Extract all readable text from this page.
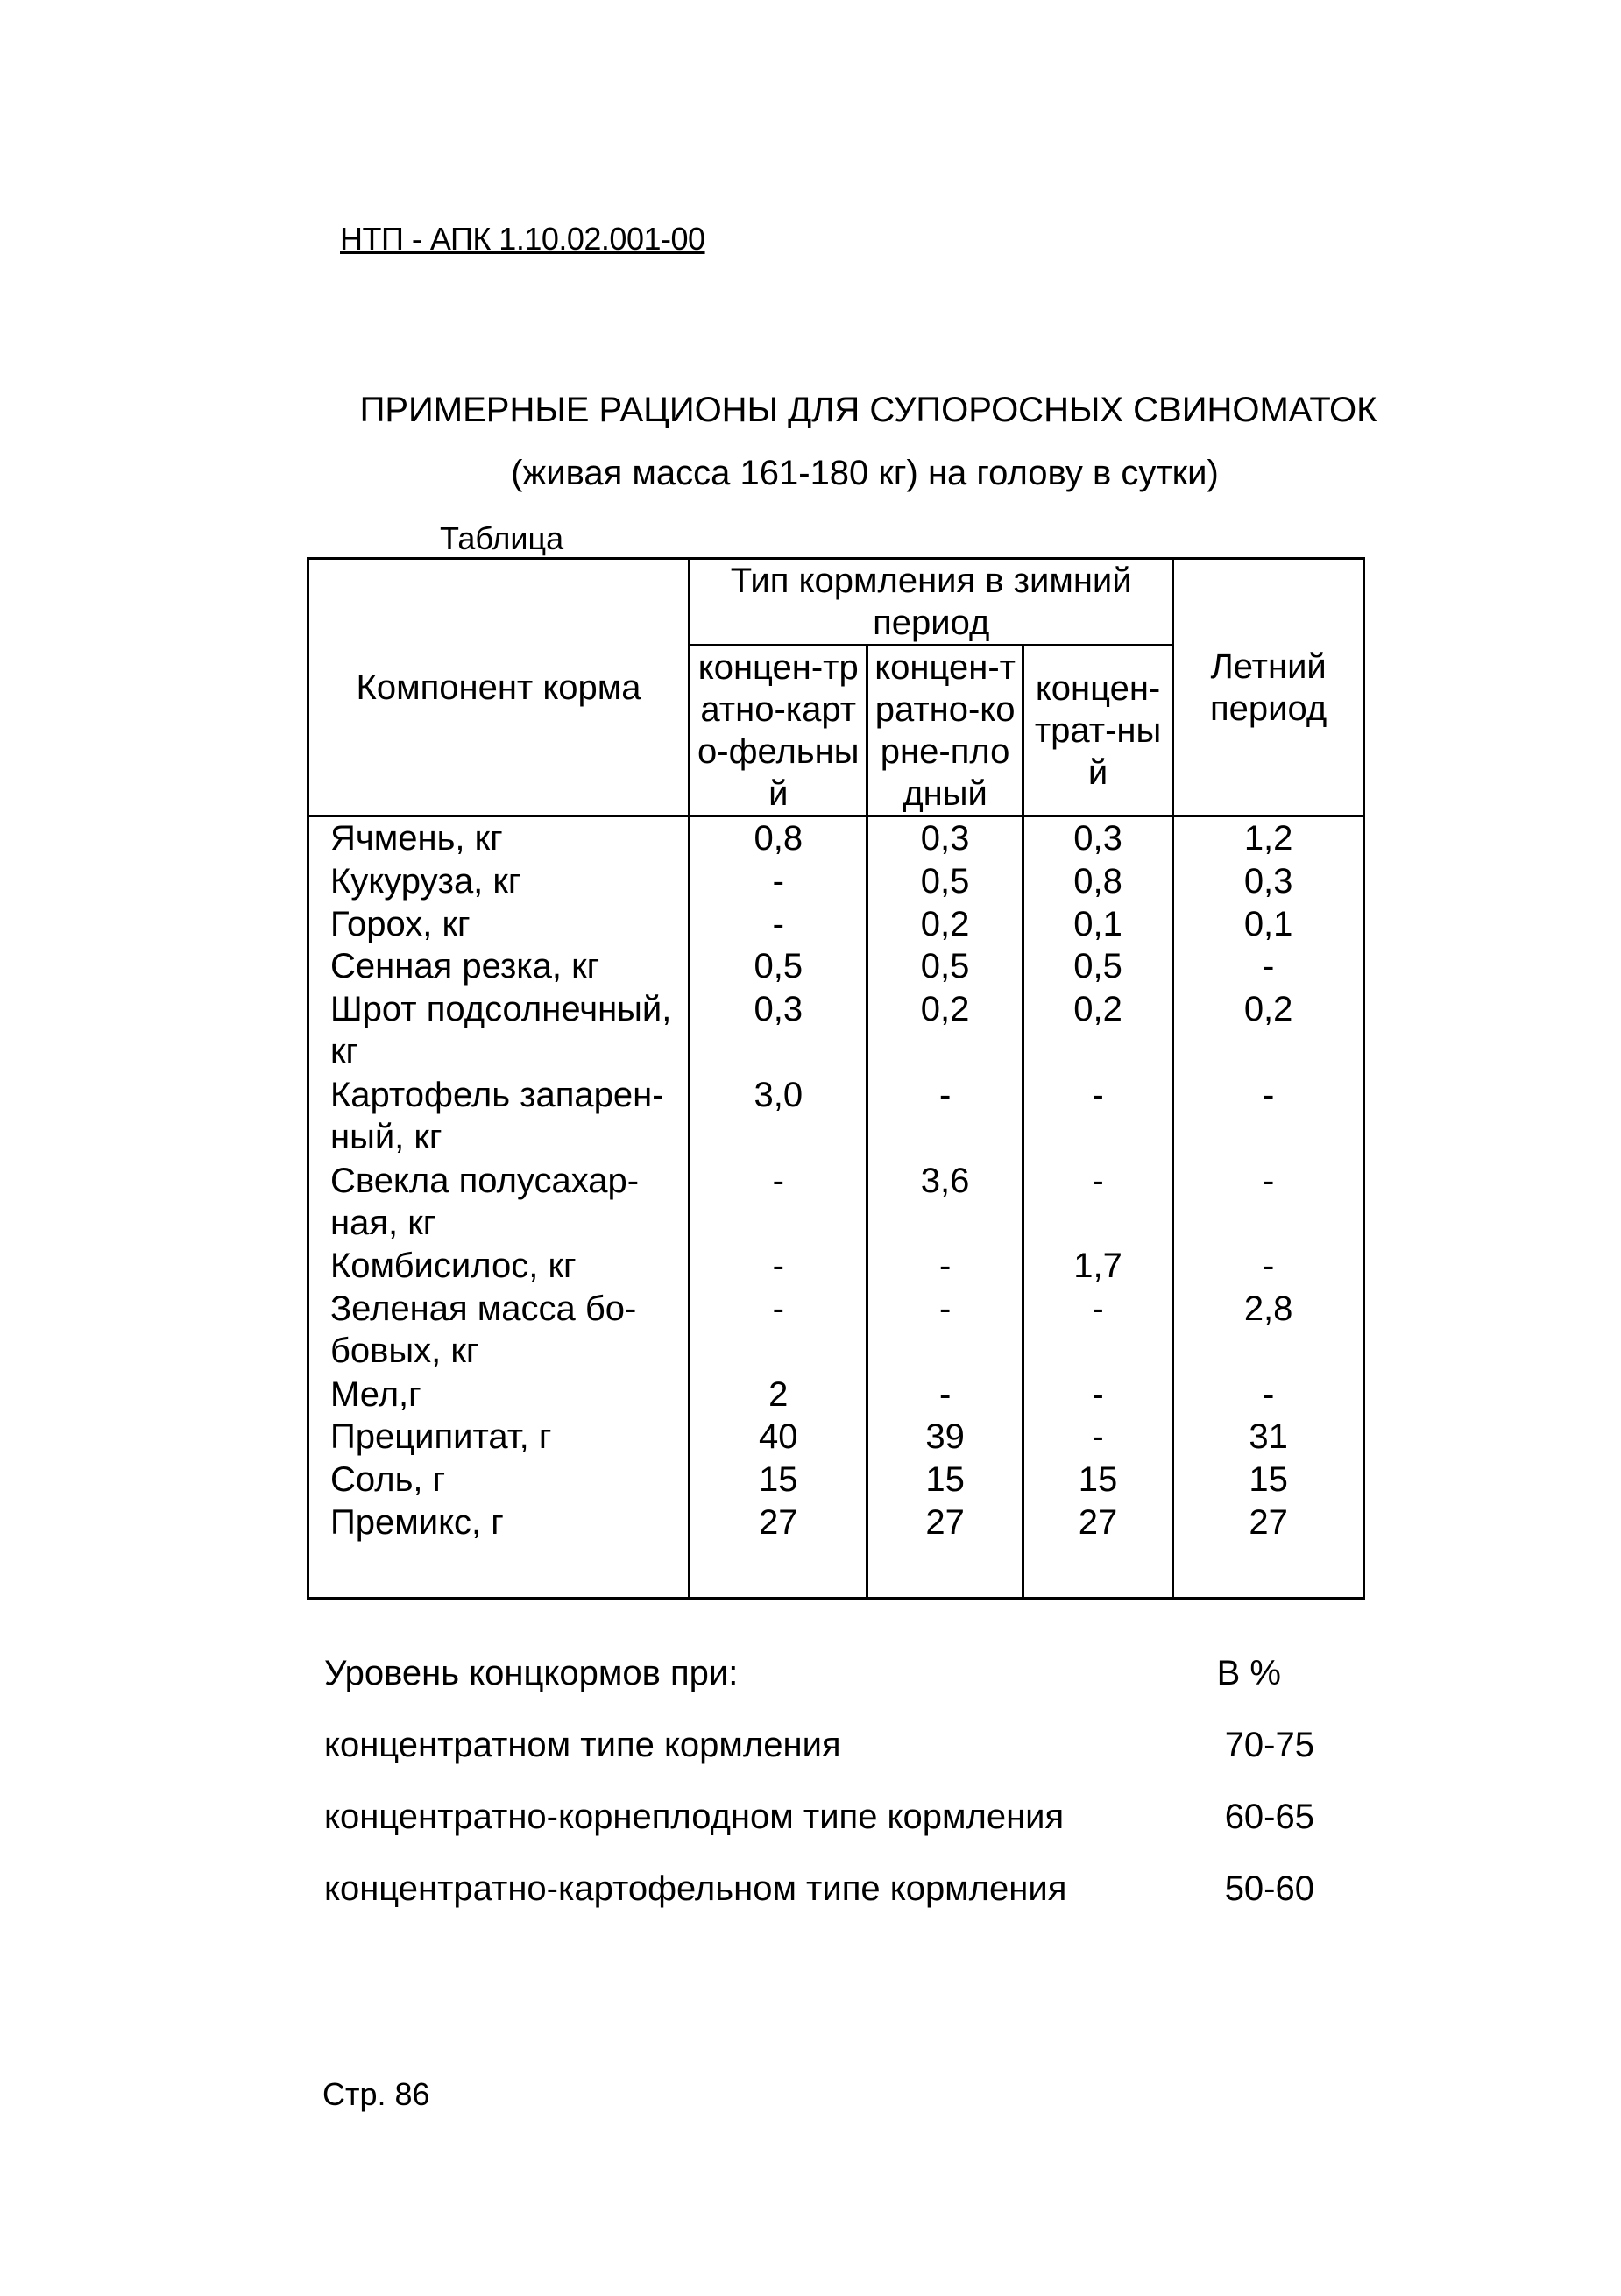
НТП - АПК 1.10.02.001-00
ПРИМЕРНЫЕ РАЦИОНЫ ДЛЯ СУПОРОСНЫХ СВИНОМАТОК
(живая масса 161-180 кг) на голову в сутки)
Таблица
Компонент корма	Тип кормления в зимний период			Летний период
	концен-тратно-карто-фельный	концен-тратно-корне-плодный	концен-трат-ный	
Ячмень, кг	0,8	0,3	0,3	1,2
Кукуруза, кг	-	0,5	0,8	0,3
Горох, кг	-	0,2	0,1	0,1
Сенная резка, кг	0,5	0,5	0,5	-
Шрот подсолнечный, кг	0,3	0,2	0,2	0,2
Картофель запарен-ный, кг	3,0	-	-	-
Свекла полусахар-ная, кг	-	3,6	-	-
Комбисилос, кг	-	-	1,7	-
Зеленая масса бо-бовых, кг	-	-	-	2,8
Мел,г	2	-	-	-
Преципитат, г	40	39	-	31
Соль, г	15	15	15	15
Премикс, г	27	27	27	27

Уровень концкормов при:	В %
концентратном типе кормления	70-75
концентратно-корнеплодном типе кормления	60-65
концентратно-картофельном типе кормления	50-60
Стр. 86
